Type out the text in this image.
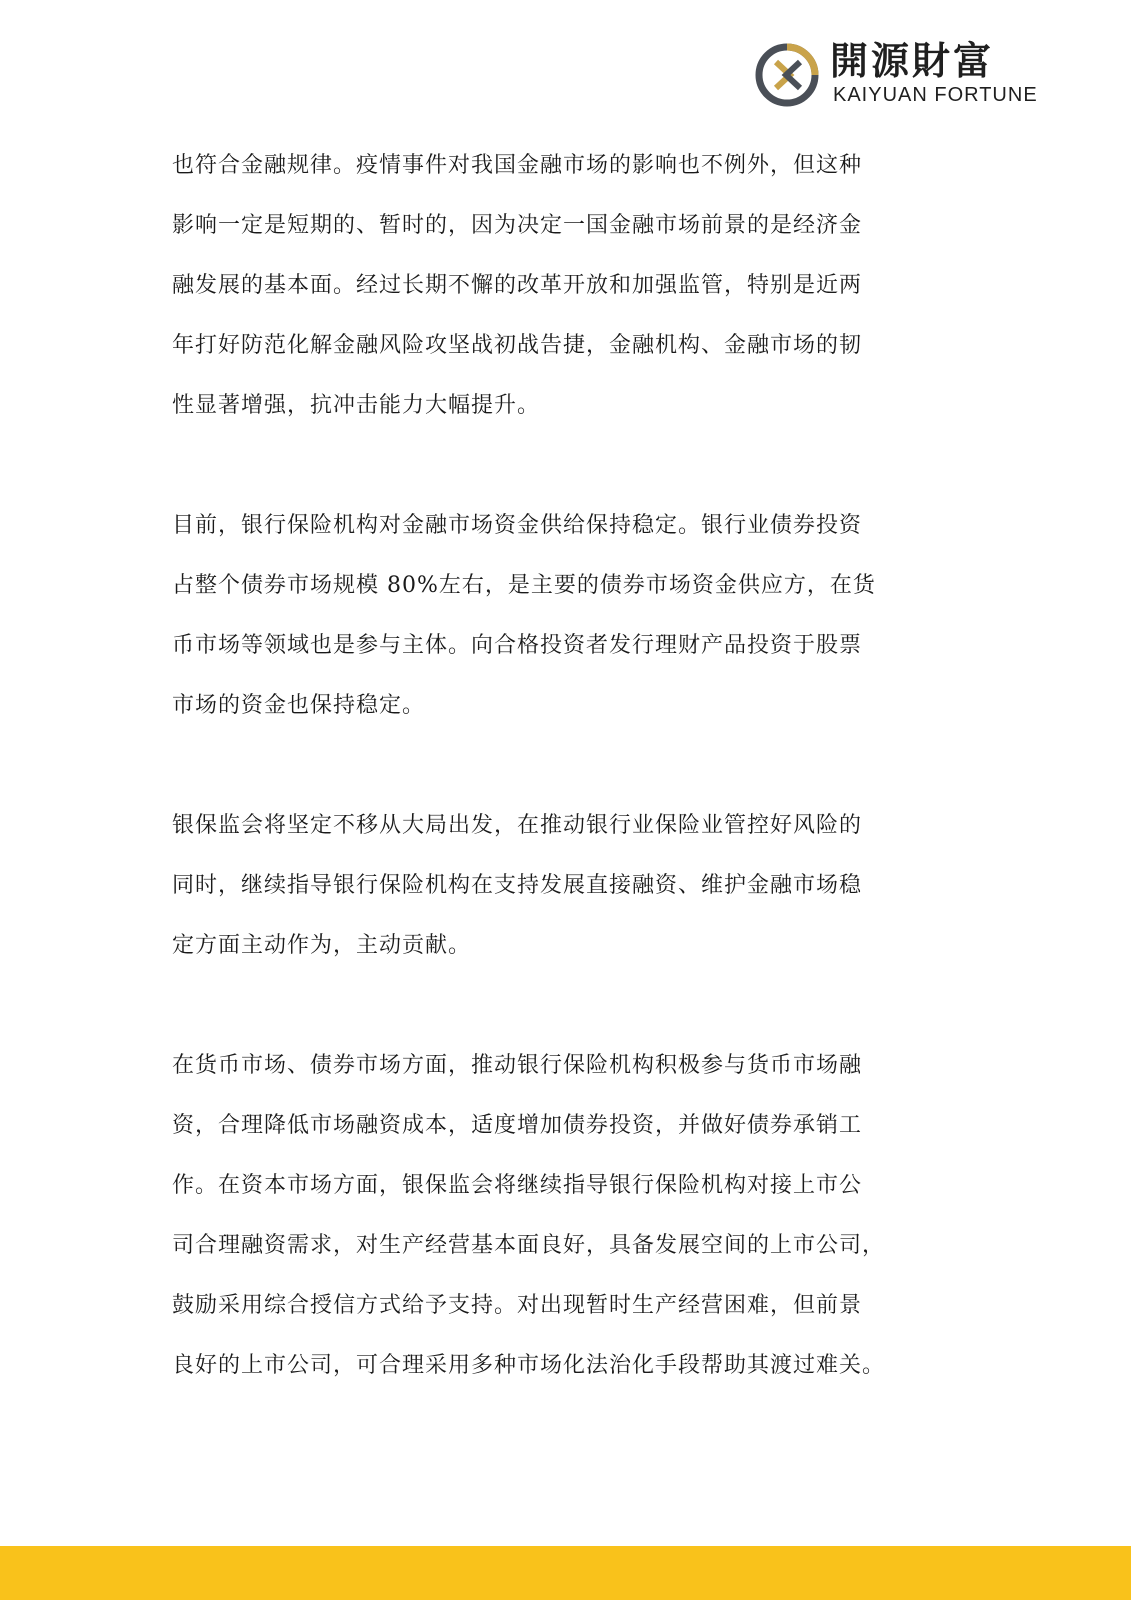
開源財富
KAIYUAN FORTUNE

也符合金融规律。疫情事件对我国金融市场的影响也不例外，但这种
影响一定是短期的、暂时的，因为决定一国金融市场前景的是经济金
融发展的基本面。经过长期不懈的改革开放和加强监管，特别是近两
年打好防范化解金融风险攻坚战初战告捷，金融机构、金融市场的韧
性显著增强，抗冲击能力大幅提升。

目前，银行保险机构对金融市场资金供给保持稳定。银行业债券投资
占整个债券市场规模 80%左右，是主要的债券市场资金供应方，在货
币市场等领域也是参与主体。向合格投资者发行理财产品投资于股票
市场的资金也保持稳定。

银保监会将坚定不移从大局出发，在推动银行业保险业管控好风险的
同时，继续指导银行保险机构在支持发展直接融资、维护金融市场稳
定方面主动作为，主动贡献。

在货币市场、债券市场方面，推动银行保险机构积极参与货币市场融
资，合理降低市场融资成本，适度增加债券投资，并做好债券承销工
作。在资本市场方面，银保监会将继续指导银行保险机构对接上市公
司合理融资需求，对生产经营基本面良好，具备发展空间的上市公司，
鼓励采用综合授信方式给予支持。对出现暂时生产经营困难，但前景
良好的上市公司，可合理采用多种市场化法治化手段帮助其渡过难关。
